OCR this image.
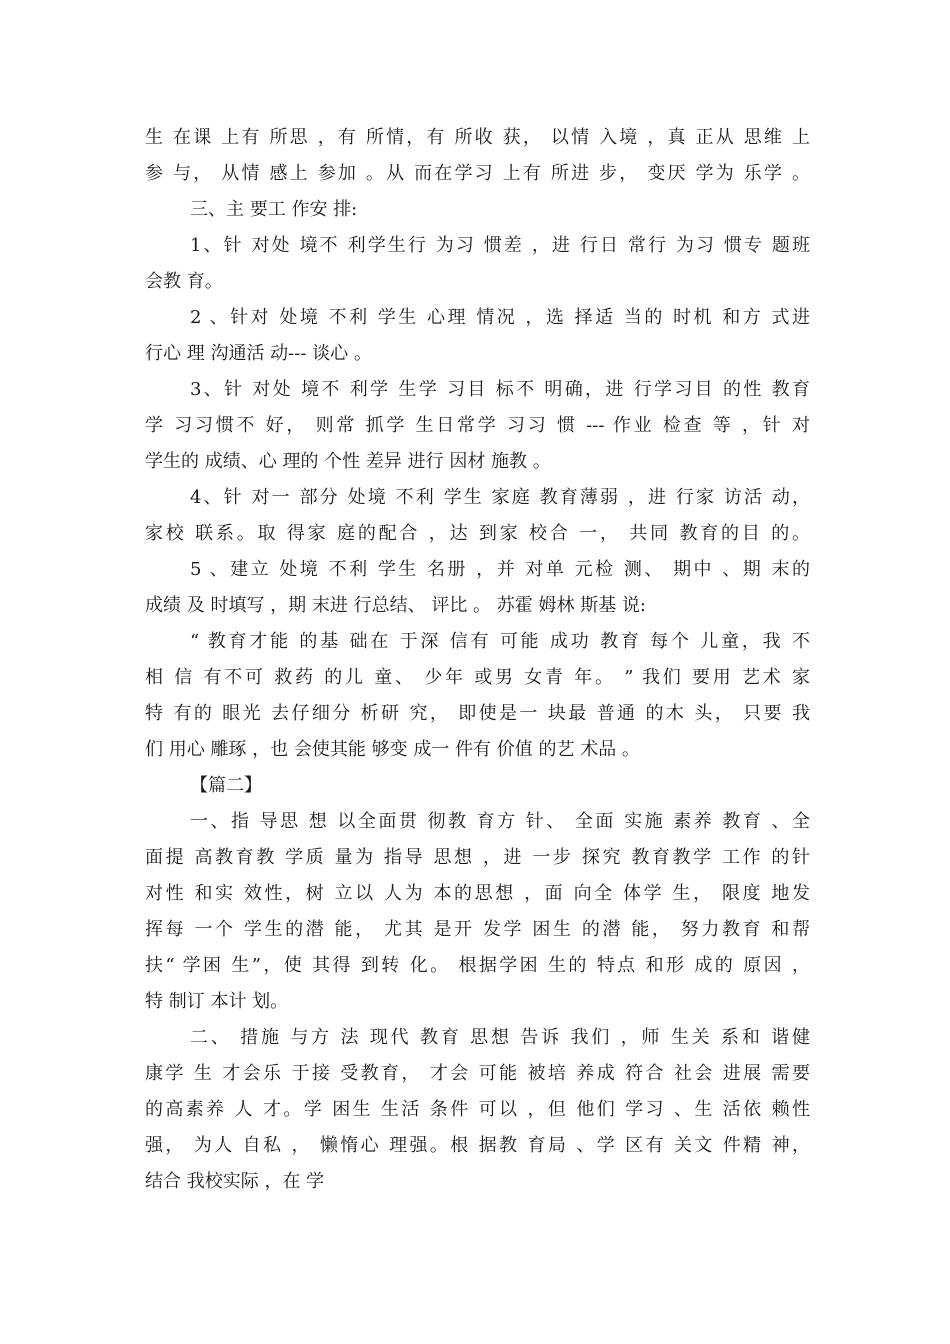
生 在课 上有 所思 ，有 所情，有 所收 获， 以情 入境 ，真 正从 思维 上
参 与， 从情 感上 参加 。从 而在学习 上有 所进 步， 变厌 学为 乐学 。
三、主 要工 作安 排:
1、针 对处 境不 利学生行 为习 惯差 ，进 行日 常行 为习 惯专 题班
会教 育。
2 、针对 处境 不利 学生 心理 情况 ，选 择适 当的 时机 和方 式进
行心 理 沟通活 动--- 谈心 。
3、针 对处 境不 利学 生学 习目 标不 明确，进 行学习目 的性 教育
学 习习惯不 好， 则常 抓学 生日常学 习习 惯 --- 作业 检查 等 ，针 对
学生的 成绩、心 理的 个性 差异 进行 因材 施教 。
4、针 对一 部分 处境 不利 学生 家庭 教育薄弱 ，进 行家 访活 动，
家校 联系。取 得家 庭的配合 ，达 到家 校合 一， 共同 教育的目 的。
5 、建立 处境 不利 学生 名册 ，并 对单 元检 测、 期中 、期 末的
成绩 及 时填写 ，期 末进 行总结、 评比 。 苏霍 姆林 斯基 说:
“ 教育才能 的基 础在 于深 信有 可能 成功 教育 每个 儿童，我 不
相 信 有不可 救药 的儿 童、 少年 或男 女青 年。 ” 我们 要用 艺术 家
特 有的 眼光 去仔细分 析研 究， 即使是一 块最 普通 的木 头， 只要 我
们 用心 雕琢 ，也 会使其能 够变 成一 件有 价值 的艺 术品 。
【篇二】
一、指 导思 想 以全面贯 彻教 育方 针、 全面 实施 素养 教育 、全
面提 高教育教 学质 量为 指导 思想 ，进 一步 探究 教育教学 工作 的针
对性 和实 效性，树 立以 人为 本的思想 ，面 向全 体学 生， 限度 地发
挥每 一个 学生的潜 能， 尤其 是开 发学 困生 的潜 能， 努力教育 和帮
扶“ 学困 生”，使 其得 到转 化。 根据学困 生的 特点 和形 成的 原因 ，
特 制订 本计 划。
二、 措施 与方 法 现代 教育 思想 告诉 我们 ，师 生关 系和 谐健
康学 生 才会乐 于接 受教育， 才会 可能 被培 养成 符合 社会 进展 需要
的高素养 人 才。学 困生 生活 条件 可以 ，但 他们 学习 、生 活依 赖性
强， 为人 自私 ， 懒惰心 理强。根 据教 育局 、学 区有 关文 件精 神，
结合 我校实际 ，在 学
